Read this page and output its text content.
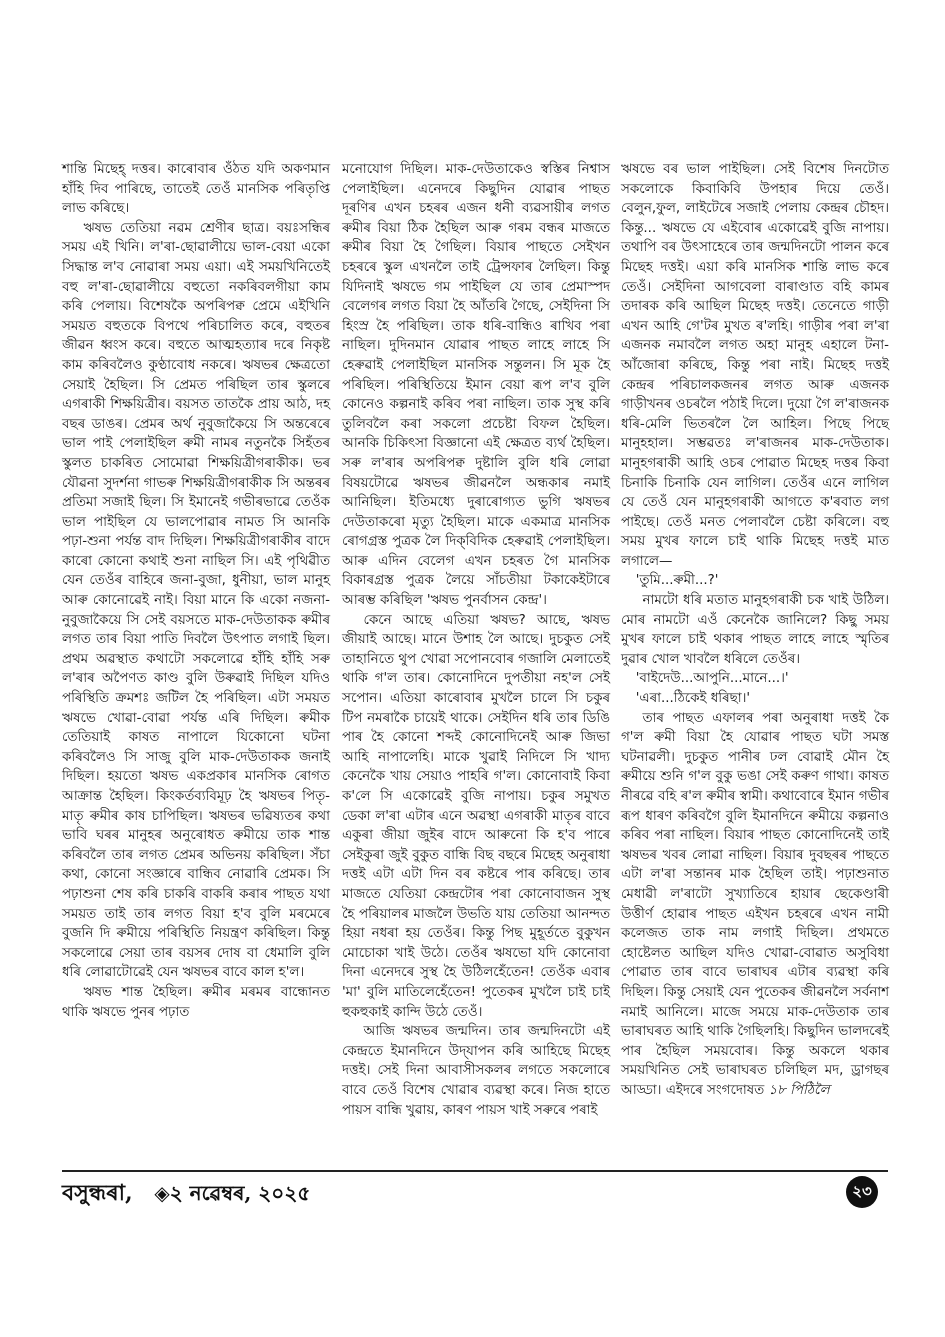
শান্তি মিছেহ্ দত্তৰ। কাৰোবাৰ ওঁঠত যদি অকণমান হাঁহি দিব পাৰিছে, তাতেই তেওঁ মানসিক পৰিতৃপ্তি লাভ কৰিছে।

ঋষভ তেতিয়া নৱম শ্ৰেণীৰ ছাত্ৰ। বয়ঃসন্ধিৰ সময় এই খিনি। ল'ৰা-ছোৱালীয়ে ভাল-বেয়া একো সিদ্ধান্ত ল'ব নোৱাৰা সময় এয়া। এই সময়খিনিতেই বহু ল'ৰা-ছোৱালীয়ে বহুতো নকৰিবলগীয়া কাম কৰি পেলায়। বিশেষকৈ অপৰিপক্ব প্ৰেমে এইখিনি সময়ত বহুতকে বিপথে পৰিচালিত কৰে, বহুতৰ জীৱন ধ্বংস কৰে। বহুতে আত্মহত্যাৰ দৰে নিকৃষ্ট কাম কৰিবলৈও কুণ্ঠাবোধ নকৰে। ঋষভৰ ক্ষেত্ৰতো সেয়াই হৈছিল। সি প্ৰেমত পৰিছিল তাৰ স্কুলৰে এগৰাকী শিক্ষয়িত্ৰীৰ। বয়সত তাতকৈ প্ৰায় আঠ, দহ বছৰ ডাঙৰ। প্ৰেমৰ অৰ্থ নুবুজাকৈয়ে সি অন্তৰেৰে ভাল পাই পেলাইছিল ৰুমী নামৰ নতুনকৈ সিহঁতৰ স্কুলত চাকৰিত সোমোৱা শিক্ষয়িত্ৰীগৰাকীক। ভৰ যৌৱনা সুদৰ্শনা গাভৰু শিক্ষয়িত্ৰীগৰাকীক সি অন্তৰৰ প্ৰতিমা সজাই ছিল। সি ইমানেই গভীৰভাৱে তেওঁক ভাল পাইছিল যে ভালপোৱাৰ নামত সি আনকি পঢ়া-শুনা পৰ্যন্ত বাদ দিছিল। শিক্ষয়িত্ৰীগৰাকীৰ বাদে কাৰো কোনো কথাই শুনা নাছিল সি। এই পৃথিৱীত যেন তেওঁৰ বাহিৰে জনা-বুজা, ধুনীয়া, ভাল মানুহ আৰু কোনোৱেই নাই। বিয়া মানে কি একো নজনা-নুবুজাকৈয়ে সি সেই বয়সতে মাক-দেউতাকক ৰুমীৰ লগত তাৰ বিয়া পাতি দিবলৈ উৎপাত লগাই ছিল। প্ৰথম অৱস্থাত কথাটো সকলোৱে হাঁহি হাঁহি সৰু ল'ৰাৰ অপৈণত কাণ্ড বুলি উৰুৱাই দিছিল যদিও পৰিস্থিতি ক্ৰমশঃ জটিল হৈ পৰিছিল। এটা সময়ত ঋষভে খোৱা-বোৱা পৰ্যন্ত এৰি দিছিল। ৰুমীক তেতিয়াই কাষত নাপালে যিকোনো ঘটনা কৰিবলৈও সি সাজু বুলি মাক-দেউতাকক জনাই দিছিল। হয়তো ঋষভ একপ্ৰকাৰ মানসিক ৰোগত আক্ৰান্ত হৈছিল। কিংকৰ্তব্যবিমূঢ় হৈ ঋষভৰ পিতৃ-মাতৃ ৰুমীৰ কাষ চাপিছিল। ঋষভৰ ভৱিষ্যতৰ কথা ভাবি ঘৰৰ মানুহৰ অনুৰোধত ৰুমীয়ে তাক শান্ত কৰিবলৈ তাৰ লগত প্ৰেমৰ অভিনয় কৰিছিল। সঁচা কথা, কোনো সংজ্ঞাৰে বান্ধিব নোৱাৰি প্ৰেমক। সি পঢ়াশুনা শেষ কৰি চাকৰি বাকৰি কৰাৰ পাছত যথা সময়ত তাই তাৰ লগত বিয়া হ'ব বুলি মৰমেৰে বুজনি দি ৰুমীয়ে পৰিস্থিতি নিয়ন্ত্ৰণ কৰিছিল। কিন্তু সকলোৱে সেয়া তাৰ বয়সৰ দোষ বা ধেমালি বুলি ধৰি লোৱাটোৱেই যেন ঋষভৰ বাবে কাল হ'ল।

ঋষভ শান্ত হৈছিল। ৰুমীৰ মৰমৰ বান্ধোনত থাকি ঋষভে পুনৰ পঢ়াত

মনোযোগ দিছিল। মাক-দেউতাকেও স্বস্তিৰ নিশ্বাস পেলাইছিল। এনেদৰে কিছুদিন যোৱাৰ পাছত দূৰণিৰ এখন চহৰৰ এজন ধনী ব্যৱসায়ীৰ লগত ৰুমীৰ বিয়া ঠিক হৈছিল আৰু গৰম বন্ধৰ মাজতে ৰুমীৰ বিয়া হৈ গৈছিল। বিয়াৰ পাছতে সেইখন চহৰৰে স্কুল এখনলৈ তাই ট্ৰেন্সফাৰ লৈছিল। কিন্তু যিদিনাই ঋষভে গম পাইছিল যে তাৰ প্ৰেমাস্পদ বেলেগৰ লগত বিয়া হৈ আঁতৰি গৈছে, সেইদিনা সি হিংস্ৰ হৈ পৰিছিল। তাক ধৰি-বান্ধিও ৰাখিব পৰা নাছিল। দুদিনমান যোৱাৰ পাছত লাহে লাহে সি হেৰুৱাই পেলাইছিল মানসিক সন্তুলন। সি মূক হৈ পৰিছিল। পৰিস্থিতিয়ে ইমান বেয়া ৰূপ ল'ব বুলি কোনেও কল্পনাই কৰিব পৰা নাছিল। তাক সুস্থ কৰি তুলিবলৈ কৰা সকলো প্ৰচেষ্টা বিফল হৈছিল। আনকি চিকিৎসা বিজ্ঞানো এই ক্ষেত্ৰত ব্যৰ্থ হৈছিল। সৰু ল'ৰাৰ অপৰিপক্ব দুষ্টালি বুলি ধৰি লোৱা বিষয়টোৱে ঋষভৰ জীৱনলৈ অন্ধকাৰ নমাই আনিছিল। ইতিমধ্যে দুৰাৰোগ্যত ভুগি ঋষভৰ দেউতাকৰো মৃত্যু হৈছিল। মাকে একমাত্ৰ মানসিক ৰোগগ্ৰস্ত পুত্ৰক লৈ দিক্‌বিদিক হেৰুৱাই পেলাইছিল। আৰু এদিন বেলেগ এখন চহৰত গৈ মানসিক বিকাৰগ্ৰস্ত পুত্ৰক লৈয়ে সাঁচতীয়া টকাকেইটাৰে আৰম্ভ কৰিছিল 'ঋষভ পুনৰ্বাসন কেন্দ্ৰ'।

কেনে আছে এতিয়া ঋষভ? আছে, ঋষভ জীয়াই আছে। মানে উশাহ লৈ আছে। দুচকুত সেই তাহানিতে থুপ খোৱা সপোনবোৰ গজালি মেলাতেই থাকি গ'ল তাৰ। কোনোদিনে দুপতীয়া নহ'ল সেই সপোন। এতিয়া কাৰোবাৰ মুখলৈ চালে সি চকুৰ টিপ নমৰাকৈ চায়েই থাকে। সেইদিন ধৰি তাৰ ডিঙি পাৰ হৈ কোনো শব্দই কোনোদিনেই আৰু জিভা আহি নাপালেহি। মাকে খুৱাই নিদিলে সি খাদ্য কেনেকৈ খায় সেয়াও পাহৰি গ'ল। কোনোবাই কিবা ক'লে সি একোৱেই বুজি নাপায়। চকুৰ সমুখত ডেকা ল'ৰা এটাৰ এনে অৱস্থা এগৰাকী মাতৃৰ বাবে একুৰা জীয়া জুইৰ বাদে আৰুনো কি হ'ব পাৰে সেইকুৰা জুই বুকুত বান্ধি বিছ বছৰে মিছেহ অনুৰাধা দত্তই এটা এটা দিন বৰ কষ্টৰে পাৰ কৰিছে। তাৰ মাজতে যেতিয়া কেন্দ্ৰটোৰ পৰা কোনোবাজন সুস্থ হৈ পৰিয়ালৰ মাজলৈ উভতি যায় তেতিয়া আনন্দত হিয়া নধৰা হয় তেওঁৰ। কিন্তু পিছ মুহূৰ্ততে বুকুখন মোচোকা খাই উঠে। তেওঁৰ ঋষভো যদি কোনোবা দিনা এনেদৰে সুস্থ হৈ উঠিলহেঁতেন! তেওঁক এবাৰ 'মা' বুলি মাতিলেহেঁতেন! পুতেকৰ মুখলৈ চাই চাই হুকহুকাই কান্দি উঠে তেওঁ।

আজি ঋষভৰ জন্মদিন। তাৰ জন্মদিনটো এই কেন্দ্ৰতে ইমানদিনে উদ্‌যাপন কৰি আহিছে মিছেহ দত্তই। সেই দিনা আবাসীসকলৰ লগতে সকলোৰে বাবে তেওঁ বিশেষ খোৱাৰ ব্যৱস্থা কৰে। নিজ হাতে পায়স বান্ধি খুৱায়, কাৰণ পায়স খাই সৰুৰে পৰাই

ঋষভে বৰ ভাল পাইছিল। সেই বিশেষ দিনটোত সকলোকে কিবাকিবি উপহাৰ দিয়ে তেওঁ। বেলুন,ফুল, লাইটেৰে সজাই পেলায় কেন্দ্ৰৰ চৌহদ। কিন্তু... ঋষভে যে এইবোৰ একোৱেই বুজি নাপায়। তথাপি বৰ উৎসাহেৰে তাৰ জন্মদিনটো পালন কৰে মিছেহ দত্তই। এয়া কৰি মানসিক শান্তি লাভ কৰে তেওঁ। সেইদিনা আগবেলা বাৰাণ্ডাত বহি কামৰ তদাৰক কৰি আছিল মিছেহ দত্তই। তেনেতে গাড়ী এখন আহি গে'টৰ মুখত ৰ'লহি। গাড়ীৰ পৰা ল'ৰা এজনক নমাবলৈ লগত অহা মানুহ এহালে টনা-আঁজোৰা কৰিছে, কিন্তু পৰা নাই। মিছেহ দত্তই কেন্দ্ৰৰ পৰিচালকজনৰ লগত আৰু এজনক গাড়ীখনৰ ওচৰলৈ পঠাই দিলে। দুয়ো গৈ ল'ৰাজনক ধৰি-মেলি ভিতৰলৈ লৈ আহিল। পিছে পিছে মানুহহাল। সম্ভৱতঃ ল'ৰাজনৰ মাক-দেউতাক। মানুহগৰাকী আহি ওচৰ পোৱাত মিছেহ দত্তৰ কিবা চিনাকি চিনাকি যেন লাগিল। তেওঁৰ এনে লাগিল যে তেওঁ যেন মানুহগৰাকী আগতে ক'ৰবাত লগ পাইছে। তেওঁ মনত পেলাবলৈ চেষ্টা কৰিলে। বহু সময় মুখৰ ফালে চাই থাকি মিছেহ দত্তই মাত লগালে—

'তুমি...ৰুমী...?'

নামটো ধৰি মতাত মানুহগৰাকী চক খাই উঠিল। মোৰ নামটো এওঁ কেনেকৈ জানিলে? কিছু সময় মুখৰ ফালে চাই থকাৰ পাছত লাহে লাহে স্মৃতিৰ দুৱাৰ খোল খাবলৈ ধৰিলে তেওঁৰ।

'বাইদেউ...আপুনি...মানে...।'

'এৰা...ঠিকেই ধৰিছা।'

তাৰ পাছত এফালৰ পৰা অনুৰাধা দত্তই কৈ গ'ল ৰুমী বিয়া হৈ যোৱাৰ পাছত ঘটা সমস্ত ঘটনাৱলী। দুচকুত পানীৰ ঢল বোৱাই মৌন হৈ ৰুমীয়ে শুনি গ'ল বুকু ভঙা সেই কৰুণ গাথা। কাষত নীৰৱে বহি ৰ'ল ৰুমীৰ স্বামী। কথাবোৰে ইমান গভীৰ ৰূপ ধাৰণ কৰিবগৈ বুলি ইমানদিনে ৰুমীয়ে কল্পনাও কৰিব পৰা নাছিল। বিয়াৰ পাছত কোনোদিনেই তাই ঋষভৰ খবৰ লোৱা নাছিল। বিয়াৰ দুবছৰৰ পাছতে এটা ল'ৰা সন্তানৰ মাক হৈছিল তাই। পঢ়াশুনাত মেধাৱী ল'ৰাটো সুখ্যাতিৰে হায়াৰ ছেকেণ্ডাৰী উত্তীৰ্ণ হোৱাৰ পাছত এইখন চহৰৰে এখন নামী কলেজত তাক নাম লগাই দিছিল। প্ৰথমতে হোষ্টেলত আছিল যদিও খোৱা-বোৱাত অসুবিধা পোৱাত তাৰ বাবে ভাৰাঘৰ এটাৰ ব্যৱস্থা কৰি দিছিল। কিন্তু সেয়াই যেন পুতেকৰ জীৱনলৈ সৰ্বনাশ নমাই আনিলে। মাজে সময়ে মাক-দেউতাক তাৰ ভাৰাঘৰত আহি থাকি গৈছিলহি। কিছুদিন ভালদৰেই পাৰ হৈছিল সময়বোৰ। কিন্তু অকলে থকাৰ সময়খিনিত সেই ভাৰাঘৰত চলিছিল মদ, ড্ৰাগছৰ আড্ডা। এইদৰে সংগদোষত ১৮ পিঠিলৈ

বসুন্ধৰা, ◈২ নৱেম্বৰ, ২০২৫	২৩
